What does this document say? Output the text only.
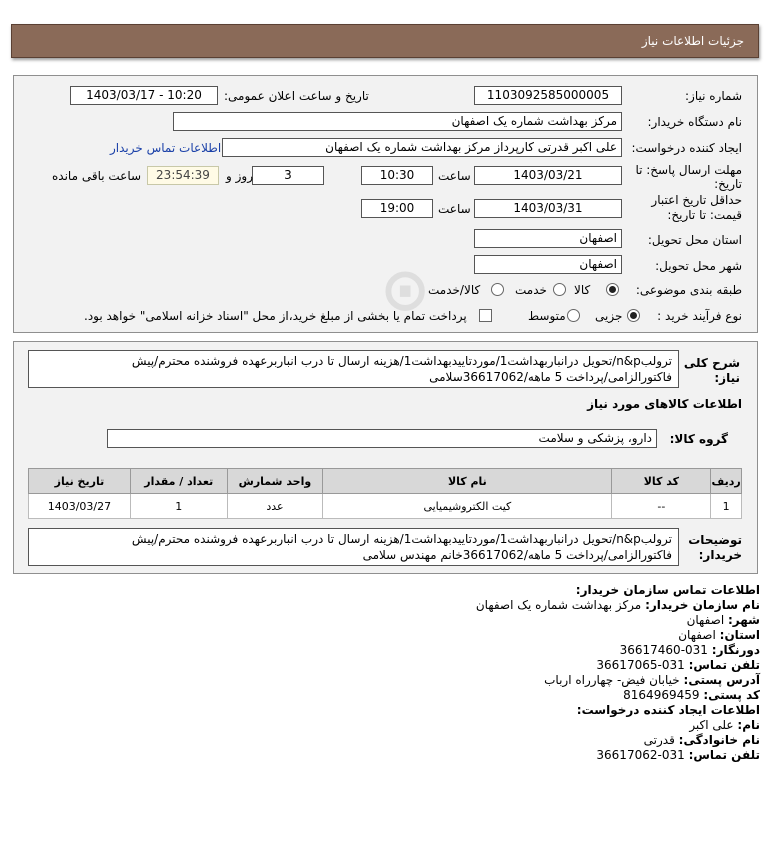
جزئیات اطلاعات نیاز
⊙
شماره نیاز:
1103092585000005
تاریخ و ساعت اعلان عمومی:
1403/03/17 - 10:20
نام دستگاه خریدار:
مرکز بهداشت شماره یک اصفهان
ایجاد کننده درخواست:
علی اکبر قدرتی کارپرداز مرکز بهداشت شماره یک اصفهان
اطلاعات تماس خریدار
مهلت ارسال پاسخ: تا
تاریخ:
1403/03/21
ساعت
10:30
3
روز و
23:54:39
ساعت باقی مانده
حداقل تاریخ اعتبار
قیمت: تا تاریخ:
1403/03/31
ساعت
19:00
استان محل تحویل:
اصفهان
شهر محل تحویل:
اصفهان
طبقه بندی موضوعی:
کالا
خدمت
کالا/خدمت
نوع فرآیند خرید :
جزیی
متوسط
پرداخت تمام یا بخشی از مبلغ خرید،از محل "اسناد خزانه اسلامی" خواهد بود.
شرح کلی
نیاز:
ترولبn&p/تحویل درانباربهداشت1/موردتاییدبهداشت1/هزینه ارسال تا درب انباربرعهده فروشنده محترم/پیش
فاکتورالزامی/پرداخت 5 ماهه/36617062سلامی
اطلاعات کالاهای مورد نیاز
گروه کالا:
دارو، پزشکی و سلامت
ردیف	کد کالا	نام کالا	واحد شمارش	تعداد / مقدار	تاریخ نیاز
1	--	کیت الکتروشیمیایی	عدد	1	1403/03/27
توضیحات
خریدار:
ترولبn&p/تحویل درانباربهداشت1/موردتاییدبهداشت1/هزینه ارسال تا درب انباربرعهده فروشنده محترم/پیش
فاکتورالزامی/پرداخت 5 ماهه/36617062خانم مهندس سلامی
اطلاعات تماس سازمان خریدار:
نام سازمان خریدار: مرکز بهداشت شماره یک اصفهان
شهر: اصفهان
استان: اصفهان
دورنگار: 031-36617460
تلفن تماس: 031-36617065
آدرس پستی: خیابان فیض- چهارراه ارباب
کد پستی: 8164969459
اطلاعات ایجاد کننده درخواست:
نام: علی اکبر
نام خانوادگی: قدرتی
تلفن تماس: 031-36617062
